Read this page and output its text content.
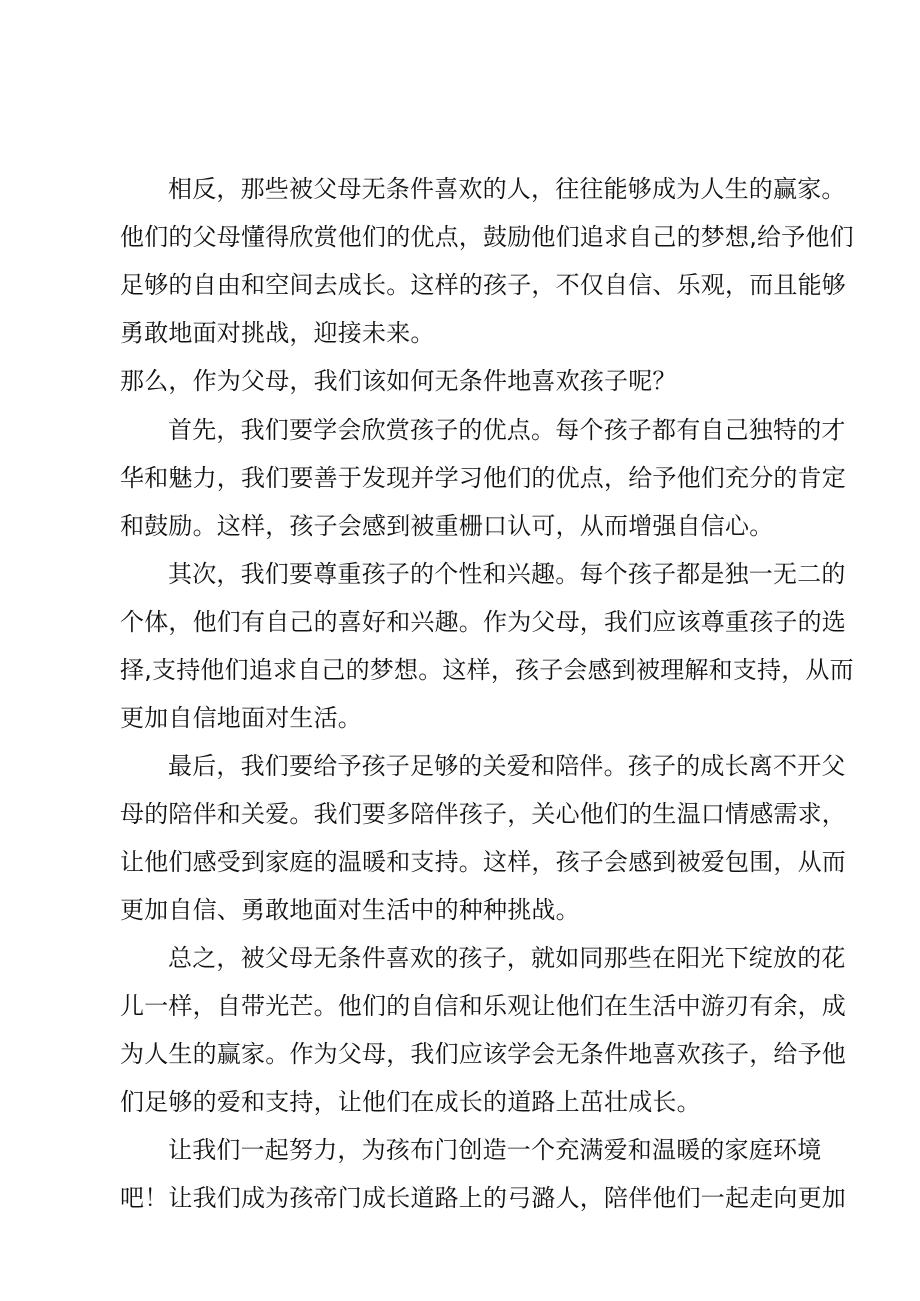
相反，那些被父母无条件喜欢的人，往往能够成为人生的赢家。
他们的父母懂得欣赏他们的优点，鼓励他们追求自己的梦想,给予他们
足够的自由和空间去成长。这样的孩子，不仅自信、乐观，而且能够
勇敢地面对挑战，迎接未来。
那么，作为父母，我们该如何无条件地喜欢孩子呢？
首先，我们要学会欣赏孩子的优点。每个孩子都有自己独特的才
华和魅力，我们要善于发现并学习他们的优点，给予他们充分的肯定
和鼓励。这样，孩子会感到被重栅口认可，从而增强自信心。
其次，我们要尊重孩子的个性和兴趣。每个孩子都是独一无二的
个体，他们有自己的喜好和兴趣。作为父母，我们应该尊重孩子的选
择,支持他们追求自己的梦想。这样，孩子会感到被理解和支持，从而
更加自信地面对生活。
最后，我们要给予孩子足够的关爱和陪伴。孩子的成长离不开父
母的陪伴和关爱。我们要多陪伴孩子，关心他们的生温口情感需求，
让他们感受到家庭的温暖和支持。这样，孩子会感到被爱包围，从而
更加自信、勇敢地面对生活中的种种挑战。
总之，被父母无条件喜欢的孩子，就如同那些在阳光下绽放的花
儿一样，自带光芒。他们的自信和乐观让他们在生活中游刃有余，成
为人生的赢家。作为父母，我们应该学会无条件地喜欢孩子，给予他
们足够的爱和支持，让他们在成长的道路上茁壮成长。
让我们一起努力，为孩布门创造一个充满爱和温暖的家庭环境
吧！让我们成为孩帝门成长道路上的弓潞人，陪伴他们一起走向更加
